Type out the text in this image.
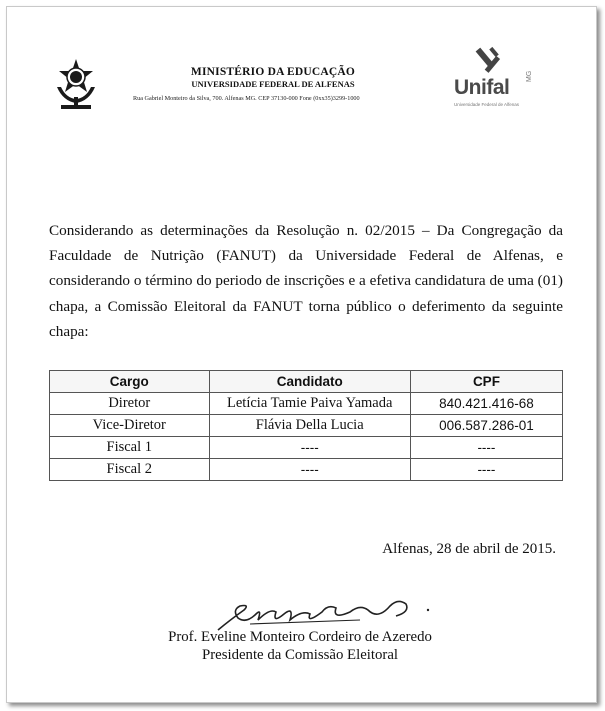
MINISTÉRIO DA EDUCAÇÃO
UNIVERSIDADE FEDERAL DE ALFENAS
Rua Gabriel Monteiro da Silva, 700. Alfenas MG. CEP 37130-000 Fone (0xx35)3299-1000	Unifal MG
Universidade Federal de Alfenas
Considerando as determinações da Resolução n. 02/2015 – Da Congregação da Faculdade de Nutrição (FANUT) da Universidade Federal de Alfenas, e considerando o término do periodo de inscrições e a efetiva candidatura de uma (01) chapa, a Comissão Eleitoral da FANUT torna público o deferimento da seguinte chapa:
Cargo	Candidato	CPF
Diretor	Letícia Tamie Paiva Yamada	840.421.416-68
Vice-Diretor	Flávia Della Lucia	006.587.286-01
Fiscal 1	----	----
Fiscal 2	----	----
Alfenas, 28 de abril de 2015.
Prof. Eveline Monteiro Cordeiro de Azeredo
Presidente da Comissão Eleitoral
